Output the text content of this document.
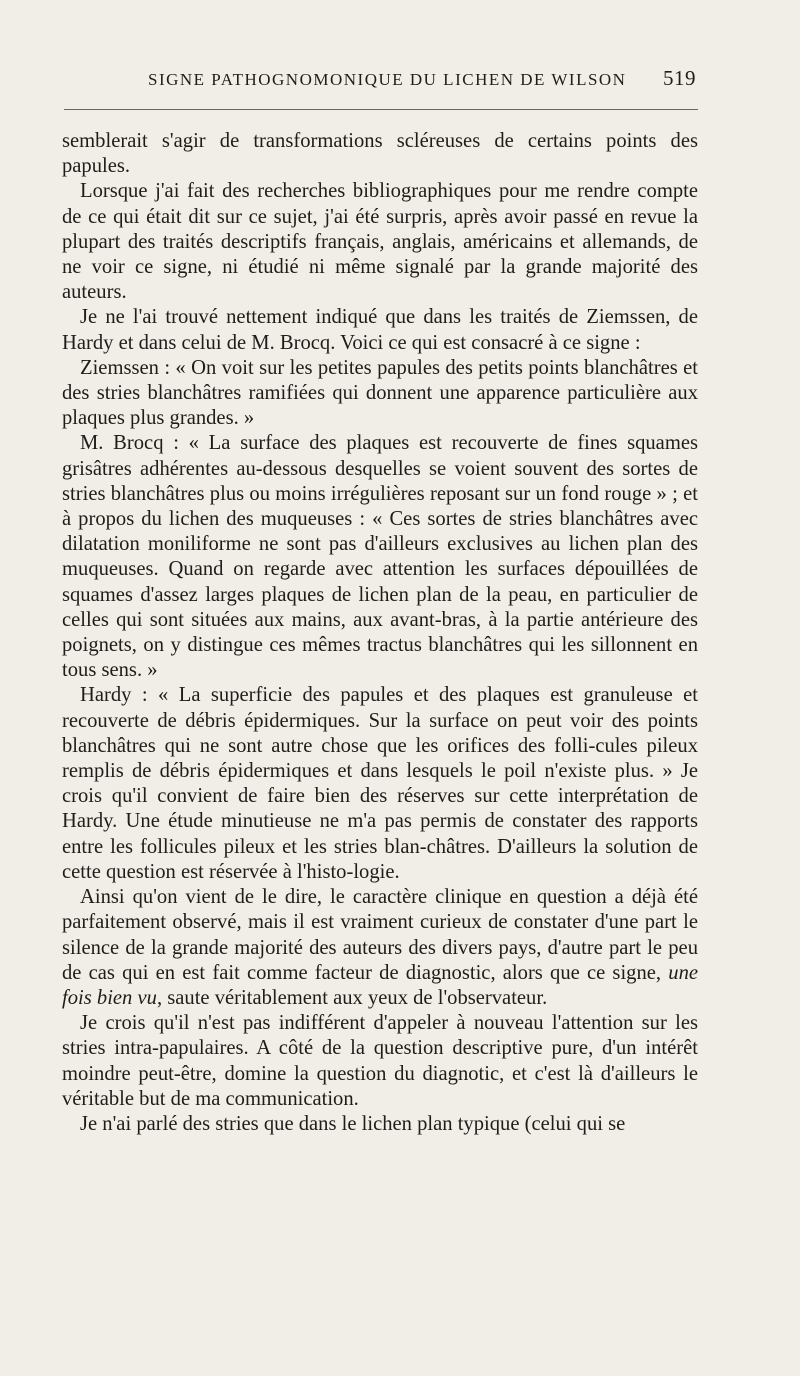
SIGNE PATHOGNOMONIQUE DU LICHEN DE WILSON 519

semblerait s'agir de transformations scléreuses de certains points des papules.

Lorsque j'ai fait des recherches bibliographiques pour me rendre compte de ce qui était dit sur ce sujet, j'ai été surpris, après avoir passé en revue la plupart des traités descriptifs français, anglais, américains et allemands, de ne voir ce signe, ni étudié ni même signalé par la grande majorité des auteurs.

Je ne l'ai trouvé nettement indiqué que dans les traités de Ziemssen, de Hardy et dans celui de M. Brocq. Voici ce qui est consacré à ce signe :

Ziemssen : « On voit sur les petites papules des petits points blanchâtres et des stries blanchâtres ramifiées qui donnent une apparence particulière aux plaques plus grandes. »

M. Brocq : « La surface des plaques est recouverte de fines squames grisâtres adhérentes au-dessous desquelles se voient souvent des sortes de stries blanchâtres plus ou moins irrégulières reposant sur un fond rouge » ; et à propos du lichen des muqueuses : « Ces sortes de stries blanchâtres avec dilatation moniliforme ne sont pas d'ailleurs exclusives au lichen plan des muqueuses. Quand on regarde avec attention les surfaces dépouillées de squames d'assez larges plaques de lichen plan de la peau, en particulier de celles qui sont situées aux mains, aux avant-bras, à la partie antérieure des poignets, on y distingue ces mêmes tractus blanchâtres qui les sillonnent en tous sens. »

Hardy : « La superficie des papules et des plaques est granuleuse et recouverte de débris épidermiques. Sur la surface on peut voir des points blanchâtres qui ne sont autre chose que les orifices des folli-cules pileux remplis de débris épidermiques et dans lesquels le poil n'existe plus. » Je crois qu'il convient de faire bien des réserves sur cette interprétation de Hardy. Une étude minutieuse ne m'a pas permis de constater des rapports entre les follicules pileux et les stries blan-châtres. D'ailleurs la solution de cette question est réservée à l'histo-logie.

Ainsi qu'on vient de le dire, le caractère clinique en question a déjà été parfaitement observé, mais il est vraiment curieux de constater d'une part le silence de la grande majorité des auteurs des divers pays, d'autre part le peu de cas qui en est fait comme facteur de diagnostic, alors que ce signe, une fois bien vu, saute véritablement aux yeux de l'observateur.

Je crois qu'il n'est pas indifférent d'appeler à nouveau l'attention sur les stries intra-papulaires. A côté de la question descriptive pure, d'un intérêt moindre peut-être, domine la question du diagnotic, et c'est là d'ailleurs le véritable but de ma communication.

Je n'ai parlé des stries que dans le lichen plan typique (celui qui se
